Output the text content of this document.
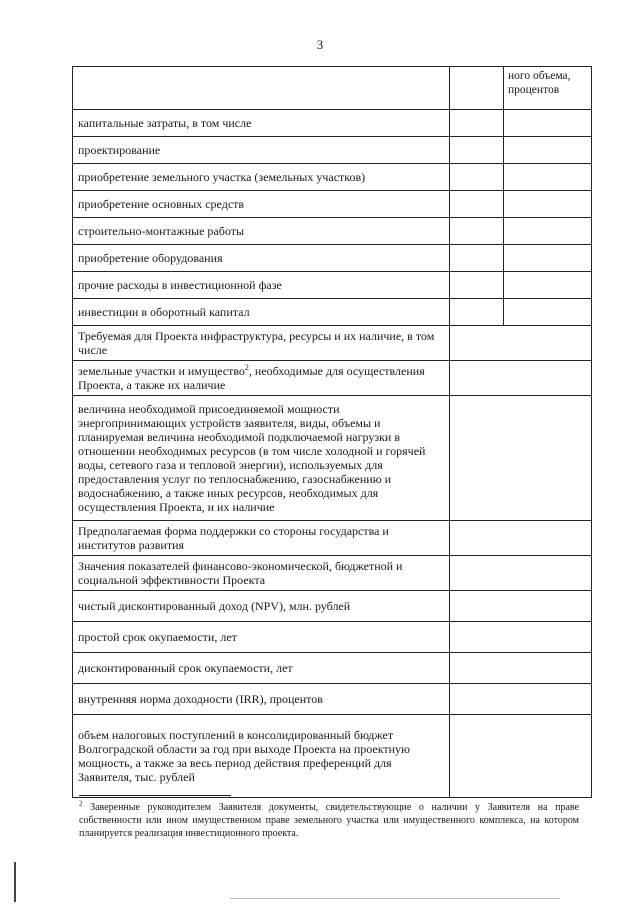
3
		ного объема, процентов
капитальные затраты, в том числе		
проектирование		
приобретение земельного участка (земельных участков)		
приобретение основных средств		
строительно-монтажные работы		
приобретение оборудования		
прочие расходы в инвестиционной фазе		
инвестиции в оборотный капитал		
Требуемая для Проекта инфраструктура, ресурсы и их наличие, в том числе		
земельные участки и имущество$^2$, необходимые для осуществления Проекта, а также их наличие		
величина необходимой присоединяемой мощности энергопринимающих устройств заявителя, виды, объемы и планируемая величина необходимой подключаемой нагрузки в отношении необходимых ресурсов (в том числе холодной и горячей воды, сетевого газа и тепловой энергии), используемых для предоставления услуг по теплоснабжению, газоснабжению и водоснабжению, а также иных ресурсов, необходимых для осуществления Проекта, и их наличие		
Предполагаемая форма поддержки со стороны государства и институтов развития		
Значения показателей финансово-экономической, бюджетной и социальной эффективности Проекта		
чистый дисконтированный доход (NPV), млн. рублей		
простой срок окупаемости, лет		
дисконтированный срок окупаемости, лет		
внутренняя норма доходности (IRR), процентов		
объем налоговых поступлений в консолидированный бюджет Волгоградской области за год при выходе Проекта на проектную мощность, а также за весь период действия преференций для Заявителя, тыс. рублей		
$^2$ Заверенные руководителем Заявителя документы, свидетельствующие о наличии у Заявителя на праве собственности или ином имущественном праве земельного участка или имущественного комплекса, на котором планируется реализация инвестиционного проекта.
